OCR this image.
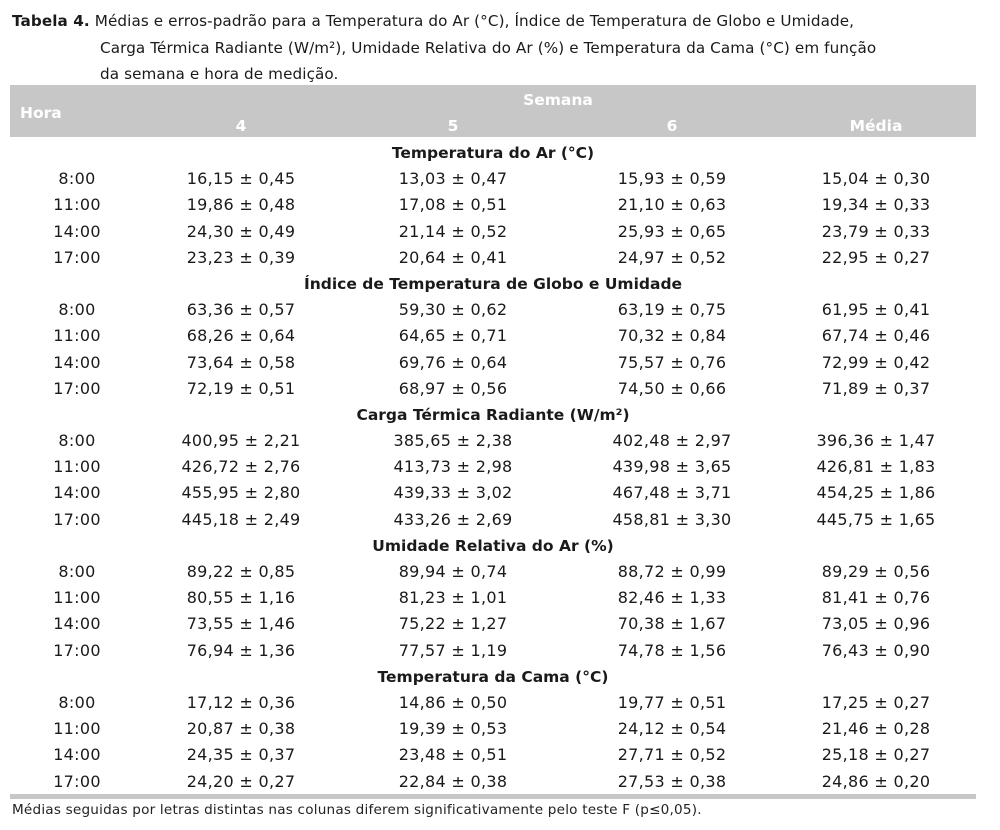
Tabela 4. Médias e erros-padrão para a Temperatura do Ar (°C), Índice de Temperatura de Globo e Umidade,
Carga Térmica Radiante (W/m²), Umidade Relativa do Ar (%) e Temperatura da Cama (°C) em função
da semana e hora de medição.
Hora
Semana
4	5	6	Média
Temperatura do Ar (°C)
8:00	16,15 ± 0,45	13,03 ± 0,47	15,93 ± 0,59	15,04 ± 0,30
11:00	19,86 ± 0,48	17,08 ± 0,51	21,10 ± 0,63	19,34 ± 0,33
14:00	24,30 ± 0,49	21,14 ± 0,52	25,93 ± 0,65	23,79 ± 0,33
17:00	23,23 ± 0,39	20,64 ± 0,41	24,97 ± 0,52	22,95 ± 0,27
Índice de Temperatura de Globo e Umidade
8:00	63,36 ± 0,57	59,30 ± 0,62	63,19 ± 0,75	61,95 ± 0,41
11:00	68,26 ± 0,64	64,65 ± 0,71	70,32 ± 0,84	67,74 ± 0,46
14:00	73,64 ± 0,58	69,76 ± 0,64	75,57 ± 0,76	72,99 ± 0,42
17:00	72,19 ± 0,51	68,97 ± 0,56	74,50 ± 0,66	71,89 ± 0,37
Carga Térmica Radiante (W/m²)
8:00	400,95 ± 2,21	385,65 ± 2,38	402,48 ± 2,97	396,36 ± 1,47
11:00	426,72 ± 2,76	413,73 ± 2,98	439,98 ± 3,65	426,81 ± 1,83
14:00	455,95 ± 2,80	439,33 ± 3,02	467,48 ± 3,71	454,25 ± 1,86
17:00	445,18 ± 2,49	433,26 ± 2,69	458,81 ± 3,30	445,75 ± 1,65
Umidade Relativa do Ar (%)
8:00	89,22 ± 0,85	89,94 ± 0,74	88,72 ± 0,99	89,29 ± 0,56
11:00	80,55 ± 1,16	81,23 ± 1,01	82,46 ± 1,33	81,41 ± 0,76
14:00	73,55 ± 1,46	75,22 ± 1,27	70,38 ± 1,67	73,05 ± 0,96
17:00	76,94 ± 1,36	77,57 ± 1,19	74,78 ± 1,56	76,43 ± 0,90
Temperatura da Cama (°C)
8:00	17,12 ± 0,36	14,86 ± 0,50	19,77 ± 0,51	17,25 ± 0,27
11:00	20,87 ± 0,38	19,39 ± 0,53	24,12 ± 0,54	21,46 ± 0,28
14:00	24,35 ± 0,37	23,48 ± 0,51	27,71 ± 0,52	25,18 ± 0,27
17:00	24,20 ± 0,27	22,84 ± 0,38	27,53 ± 0,38	24,86 ± 0,20
Médias seguidas por letras distintas nas colunas diferem significativamente pelo teste F (p≤0,05).
